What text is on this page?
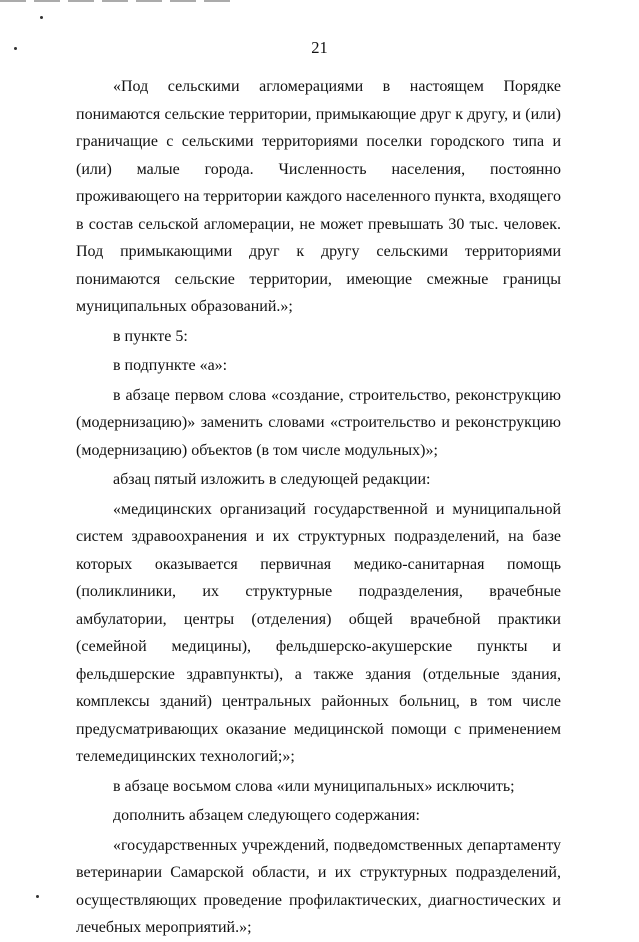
21

«Под сельскими агломерациями в настоящем Порядке понимаются сельские территории, примыкающие друг к другу, и (или) граничащие с сельскими территориями поселки городского типа и (или) малые города. Численность населения, постоянно проживающего на территории каждого населенного пункта, входящего в состав сельской агломерации, не может превышать 30 тыс. человек. Под примыкающими друг к другу сельскими территориями понимаются сельские территории, имеющие смежные границы муниципальных образований.»;

в пункте 5:

в подпункте «а»:

в абзаце первом слова «создание, строительство, реконструкцию (модернизацию)» заменить словами «строительство и реконструкцию (модернизацию) объектов (в том числе модульных)»;

абзац пятый изложить в следующей редакции:

«медицинских организаций государственной и муниципальной систем здравоохранения и их структурных подразделений, на базе которых оказывается первичная медико-санитарная помощь (поликлиники, их структурные подразделения, врачебные амбулатории, центры (отделения) общей врачебной практики (семейной медицины), фельдшерско-акушерские пункты и фельдшерские здравпункты), а также здания (отдельные здания, комплексы зданий) центральных районных больниц, в том числе предусматривающих оказание медицинской помощи с применением телемедицинских технологий;»;

в абзаце восьмом слова «или муниципальных» исключить;

дополнить абзацем следующего содержания:

«государственных учреждений, подведомственных департаменту ветеринарии Самарской области, и их структурных подразделений, осуществляющих проведение профилактических, диагностических и лечебных мероприятий.»;
